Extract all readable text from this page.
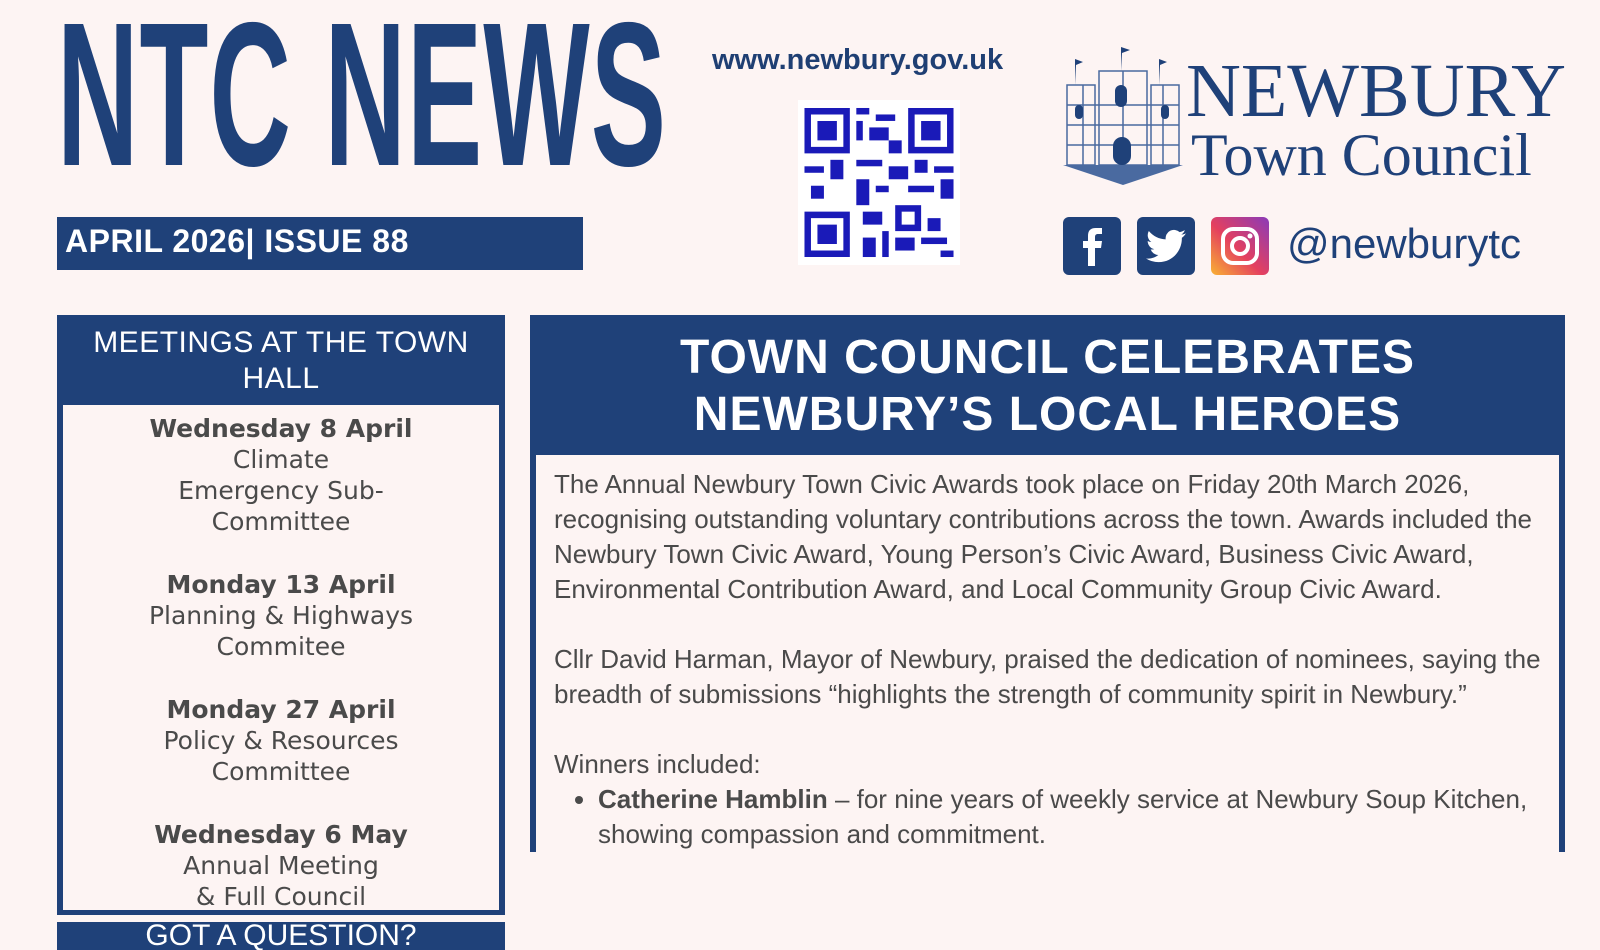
NTC NEWS
APRIL 2026| ISSUE 88
www.newbury.gov.uk NEWBURY
Town Council
@newburytc
MEETINGS AT THE TOWN HALL
Wednesday 8 April
Climate Emergency Sub-Committee
Monday 13 April
Planning & Highways Commitee
Monday 27 April
Policy & Resources Committee
Wednesday 6 May
Annual Meeting & Full Council
GOT A QUESTION?
TOWN COUNCIL CELEBRATES NEWBURY’S LOCAL HEROES

The Annual Newbury Town Civic Awards took place on Friday 20th March 2026, recognising outstanding voluntary contributions across the town. Awards included the Newbury Town Civic Award, Young Person’s Civic Award, Business Civic Award, Environmental Contribution Award, and Local Community Group Civic Award.

Cllr David Harman, Mayor of Newbury, praised the dedication of nominees, saying the breadth of submissions “highlights the strength of community spirit in Newbury.”

Winners included:
• Catherine Hamblin – for nine years of weekly service at Newbury Soup Kitchen, showing compassion and commitment.
